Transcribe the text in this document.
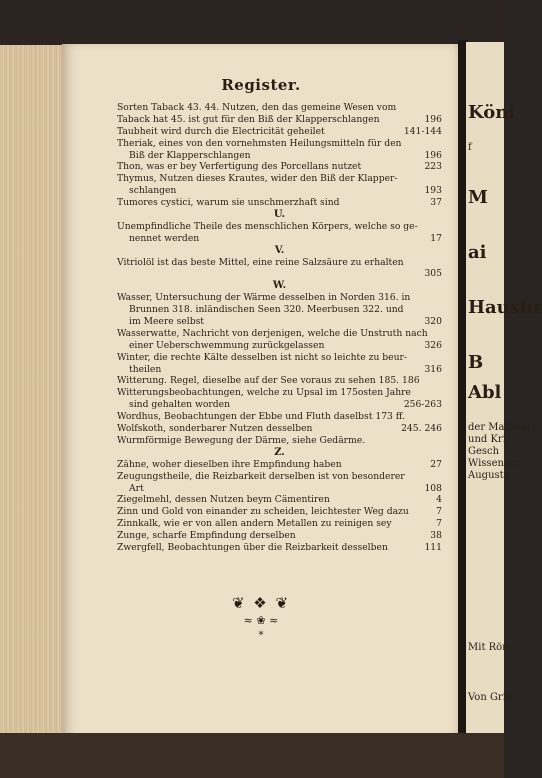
Register.
Sorten Taback 43. 44. Nutzen, den das gemeine Wesen vom
Taback hat 45. ist gut für den Biß der Klapperschlangen	196
Taubheit wird durch die Electricität geheilet	141-144
Theriak, eines von den vornehmsten Heilungsmitteln für den
Biß der Klapperschlangen	196
Thon, was er bey Verfertigung des Porcellans nutzet	223
Thymus, Nutzen dieses Krautes, wider den Biß der Klapper-
schlangen	193
Tumores cystici, warum sie unschmerzhaft sind	37
U.
Unempfindliche Theile des menschlichen Körpers, welche so ge-
nennet werden	17
V.
Vitriolöl ist das beste Mittel, eine reine Salzsäure zu erhalten
305
W.
Wasser, Untersuchung der Wärme desselben in Norden 316. in
Brunnen 318. inländischen Seen 320. Meerbusen 322. und
im Meere selbst	320
Wasserwatte, Nachricht von derjenigen, welche die Unstruth nach
einer Ueberschwemmung zurückgelassen	326
Winter, die rechte Kälte desselben ist nicht so leichte zu beur-
theilen	316
Witterung. Regel, dieselbe auf der See voraus zu sehen 185. 186
Witterungsbeobachtungen, welche zu Upsal im 175osten Jahre
sind gehalten worden	256-263
Wordhus, Beobachtungen der Ebbe und Fluth daselbst 173 ff.
Wolfskoth, sonderbarer Nutzen desselben	245. 246
Wurmförmige Bewegung der Därme, siehe Gedärme.
Z.
Zähne, woher dieselben ihre Empfindung haben	27
Zeugungstheile, die Reizbarkeit derselben ist von besonderer
Art	108
Ziegelmehl, dessen Nutzen beym Cämentiren	4
Zinn und Gold von einander zu scheiden, leichtester Weg dazu	7
Zinnkalk, wie er von allen andern Metallen zu reinigen sey	7
Zunge, scharfe Empfindung derselben	38
Zwergfell, Beobachtungen über die Reizbarkeit desselben	111
❦ ❖ ❦
≈ ❀ ≈
*
Köni
f
M
ai
Haushr
B
Abl
der Mathema
und Kri
Gesch
Wissensch
Augustu
Mit Rön
Von Grie
